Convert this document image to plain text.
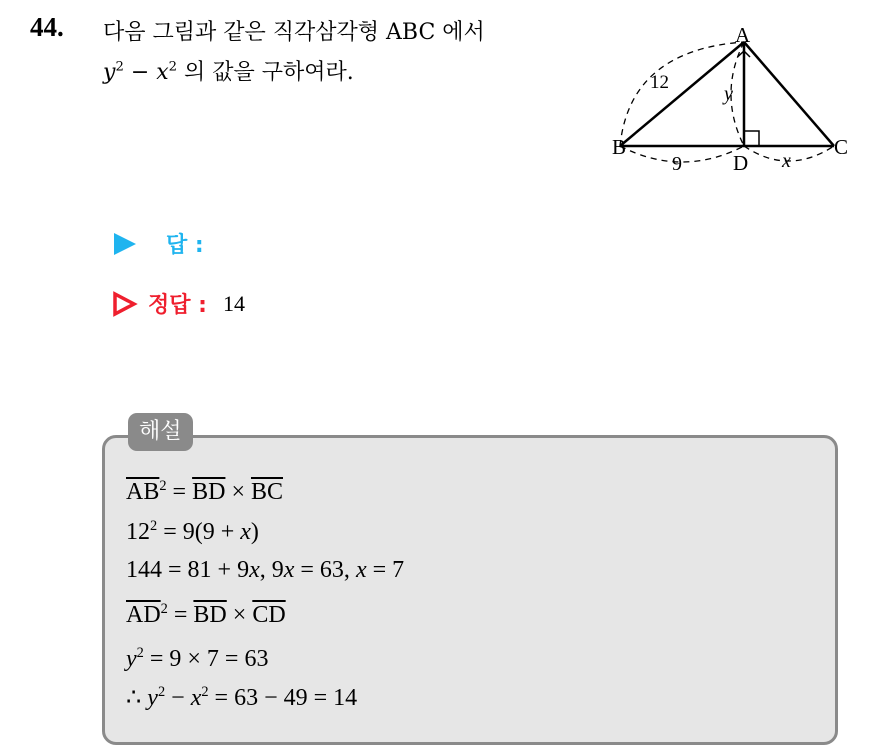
44. 다음 그림과 같은 직각삼각형 ABC 에서
$y^2 - x^2$ 의 값을 구하여라.
A
B	C
D
12
y
9	x
답 :
정답 : 14
해설
$\overline{AB}^2 = \overline{BD} \times \overline{BC}$
$12^2 = 9(9 + x)$
144 = 81 + 9x, 9x = 63, x = 7
$\overline{AD}^2 = \overline{BD} \times \overline{CD}$
$y^2 = 9 \times 7 = 63$
∴ $y^2 - x^2 = 63 - 49 = 14$
